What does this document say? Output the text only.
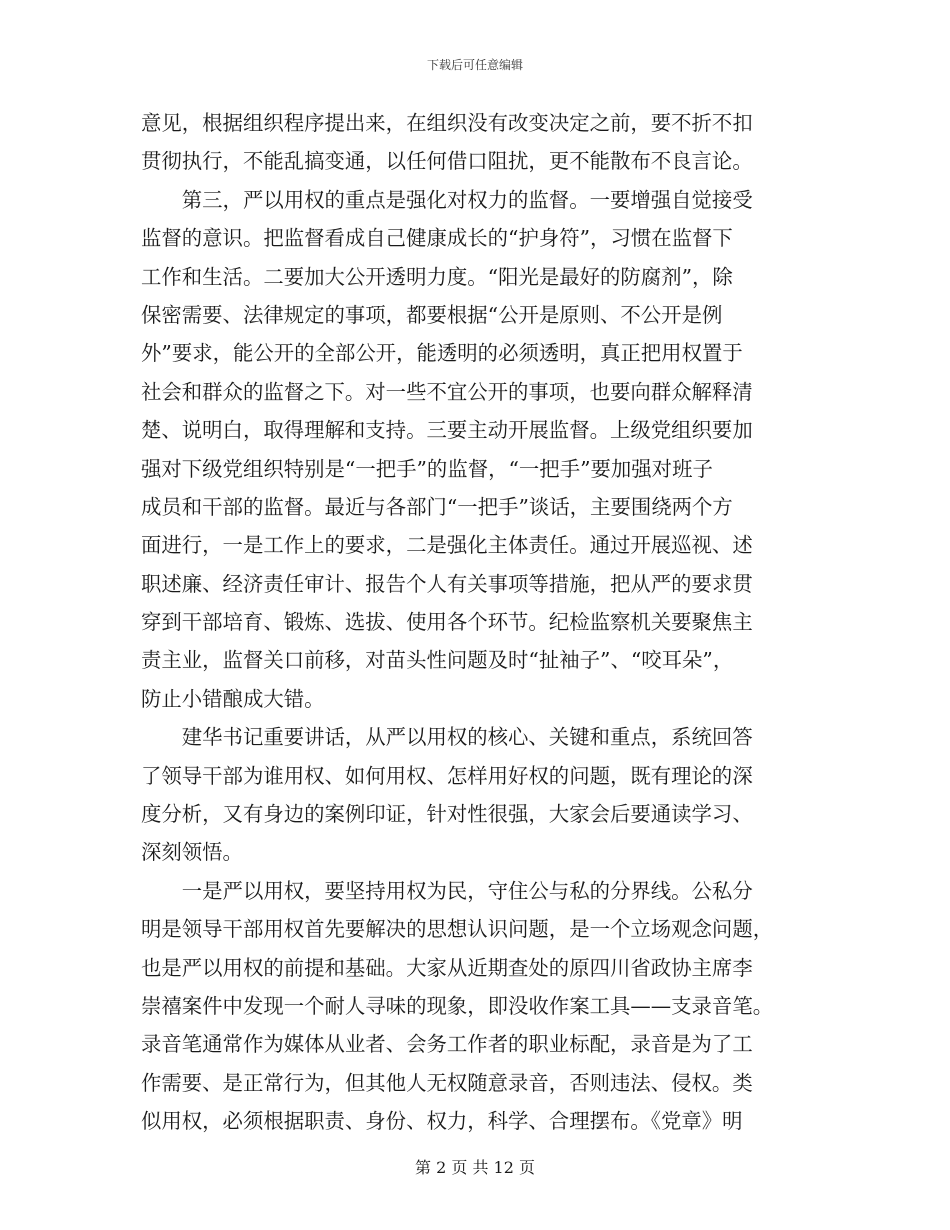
下载后可任意编辑
意见，根据组织程序提出来，在组织没有改变决定之前，要不折不扣
贯彻执行，不能乱搞变通，以任何借口阻扰，更不能散布不良言论。
　　第三，严以用权的重点是强化对权力的监督。一要增强自觉接受
监督的意识。把监督看成自己健康成长的“护身符”，习惯在监督下
工作和生活。二要加大公开透明力度。“阳光是最好的防腐剂”，除
保密需要、法律规定的事项，都要根据“公开是原则、不公开是例
外”要求，能公开的全部公开，能透明的必须透明，真正把用权置于
社会和群众的监督之下。对一些不宜公开的事项，也要向群众解释清
楚、说明白，取得理解和支持。三要主动开展监督。上级党组织要加
强对下级党组织特别是“一把手”的监督，“一把手”要加强对班子
成员和干部的监督。最近与各部门“一把手”谈话，主要围绕两个方
面进行，一是工作上的要求，二是强化主体责任。通过开展巡视、述
职述廉、经济责任审计、报告个人有关事项等措施，把从严的要求贯
穿到干部培育、锻炼、选拔、使用各个环节。纪检监察机关要聚焦主
责主业，监督关口前移，对苗头性问题及时“扯袖子”、“咬耳朵”，
防止小错酿成大错。
　　建华书记重要讲话，从严以用权的核心、关键和重点，系统回答
了领导干部为谁用权、如何用权、怎样用好权的问题，既有理论的深
度分析，又有身边的案例印证，针对性很强，大家会后要通读学习、
深刻领悟。
　　一是严以用权，要坚持用权为民，守住公与私的分界线。公私分
明是领导干部用权首先要解决的思想认识问题，是一个立场观念问题，
也是严以用权的前提和基础。大家从近期查处的原四川省政协主席李
崇禧案件中发现一个耐人寻味的现象，即没收作案工具——支录音笔。
录音笔通常作为媒体从业者、会务工作者的职业标配，录音是为了工
作需要、是正常行为，但其他人无权随意录音，否则违法、侵权。类
似用权，必须根据职责、身份、权力，科学、合理摆布。《党章》明
第 2 页 共 12 页
